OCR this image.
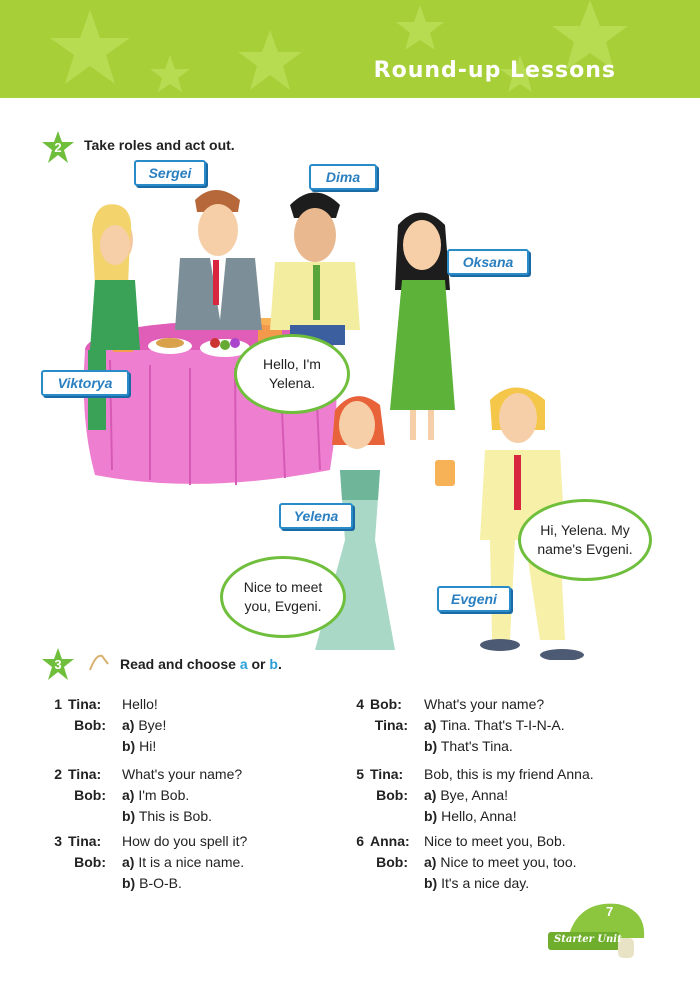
Round-up Lessons
2	Take roles and act out.
Sergei	Dima
Oksana
Viktorya
Yelena
Evgeni
Hello, I'm
Yelena.
Hi, Yelena. My
name's Evgeni.
Nice to meet
you, Evgeni.
3	Read and choose a or b.
1 Tina: Hello!
Bob: a) Bye!
b) Hi!
2 Tina: What's your name?
Bob: a) I'm Bob.
b) This is Bob.
3 Tina: How do you spell it?
Bob: a) It is a nice name.
b) B-O-B.
4 Bob: What's your name?
Tina: a) Tina. That's T-I-N-A.
b) That's Tina.
5 Tina: Bob, this is my friend Anna.
Bob: a) Bye, Anna!
b) Hello, Anna!
6 Anna: Nice to meet you, Bob.
Bob: a) Nice to meet you, too.
b) It's a nice day.
7
Starter Unit
